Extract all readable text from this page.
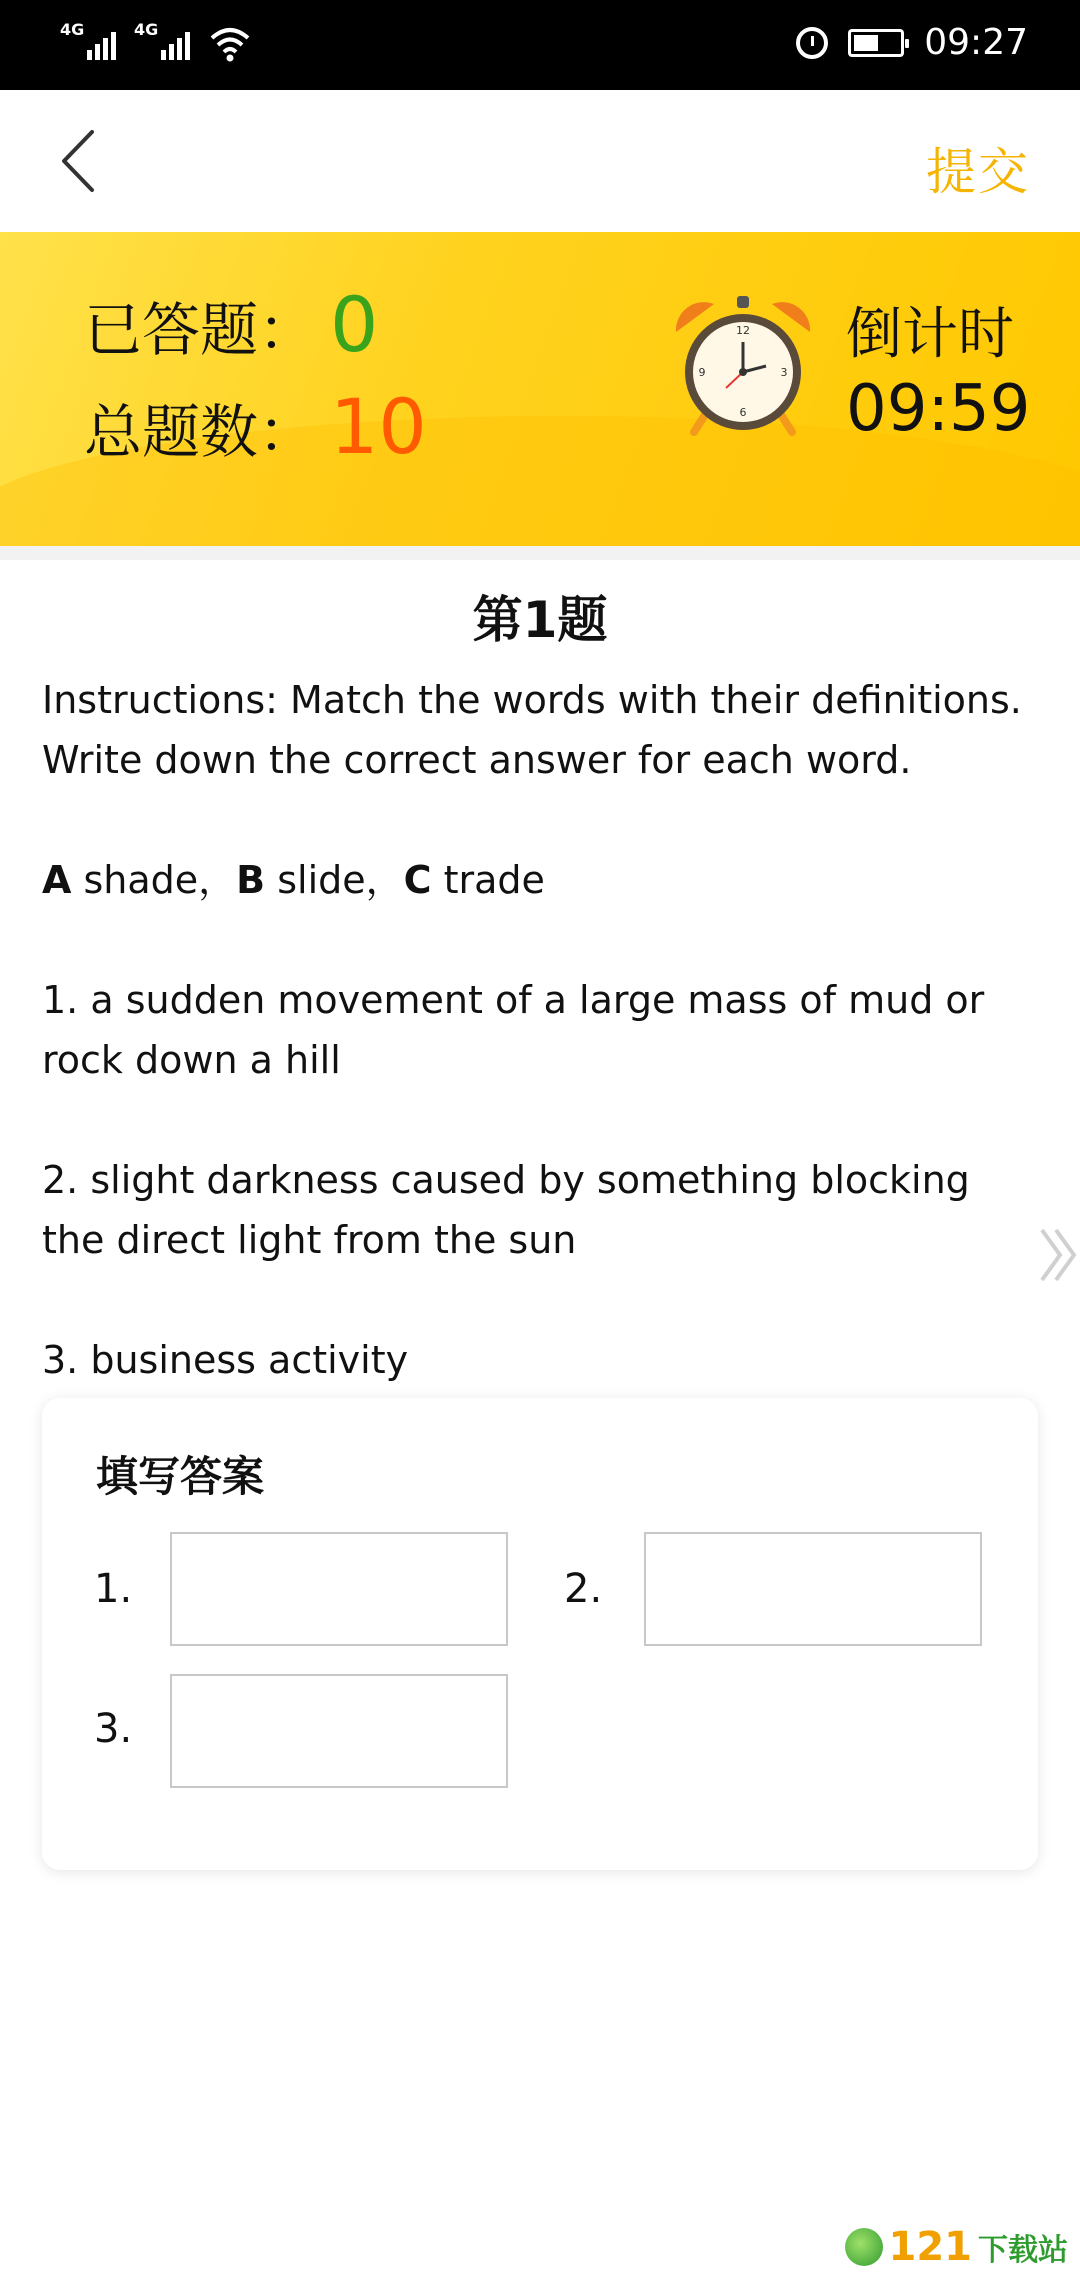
4G	4G	09:27
提交
已答题： 0
总题数： 10
12
3
6
9
倒计时
09:59
第1题

Instructions: Match the words with their definitions. Write down the correct answer for each word.

A shade，B slide，C trade

1. a sudden movement of a large mass of mud or rock down a hill

2. slight darkness caused by something blocking the direct light from the sun

3. business activity

填写答案
1.	2.
3.
121 下载站
